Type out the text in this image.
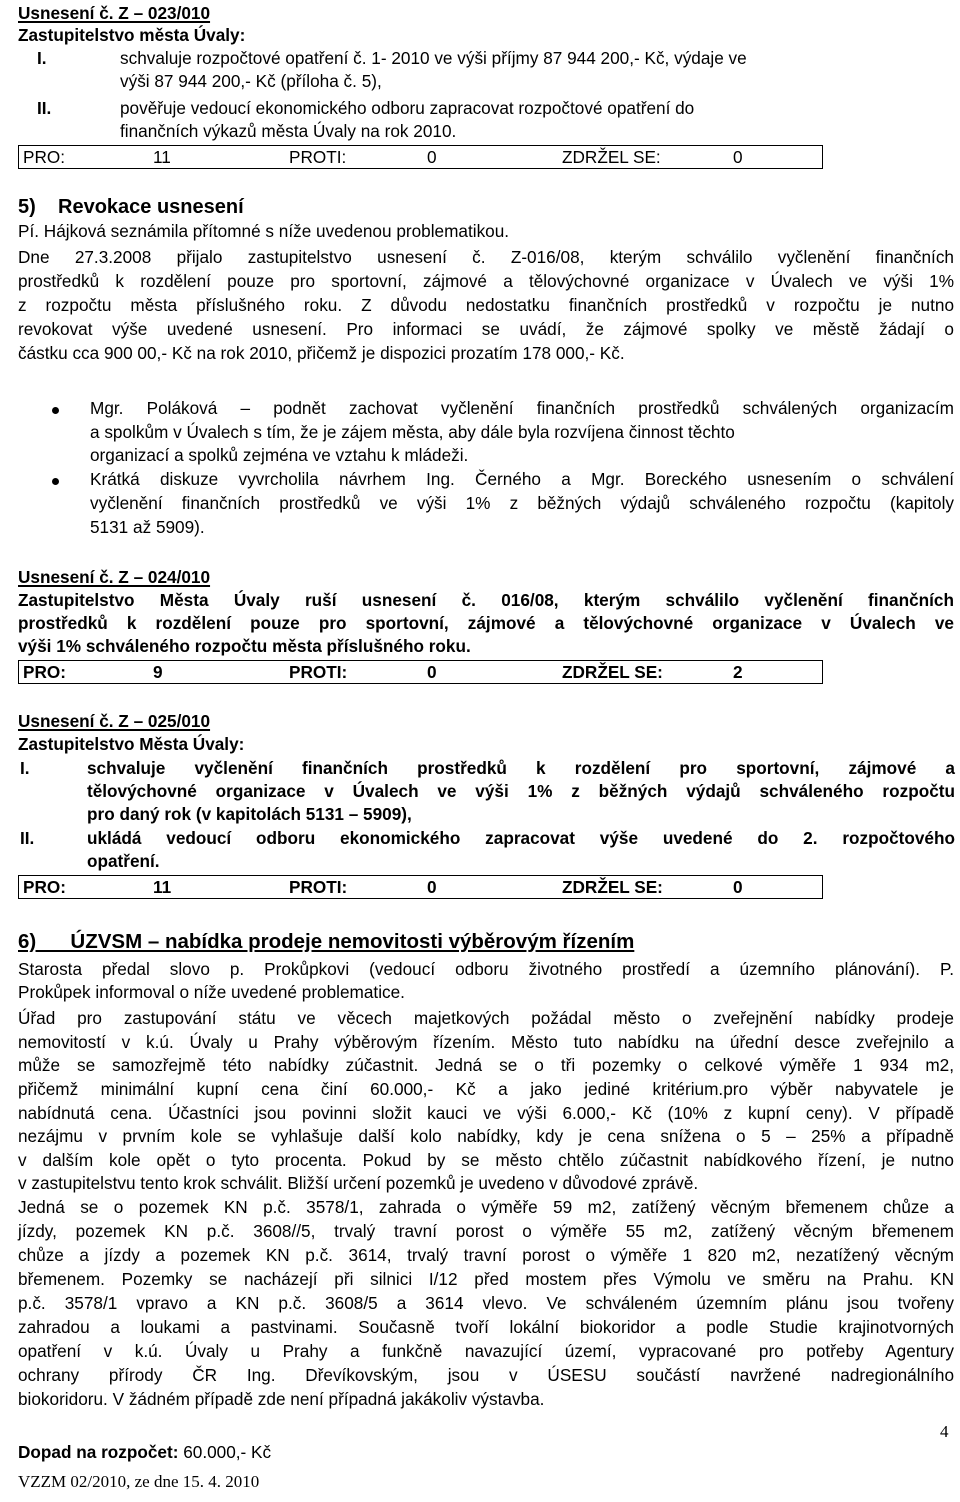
Usnesení č. Z – 023/010
Zastupitelstvo města Úvaly:
I.	schvaluje rozpočtové opatření č. 1- 2010 ve výši příjmy 87 944 200,- Kč, výdaje ve
výši 87 944 200,- Kč (příloha č. 5),
II.	pověřuje vedoucí ekonomického odboru zapracovat rozpočtové opatření do
finančních výkazů města Úvaly na rok 2010.
PRO:	11	PROTI:	0	ZDRŽEL SE:	0
5)    Revokace usnesení
Pí. Hájková seznámila přítomné s níže uvedenou problematikou.
Dne 27.3.2008 přijalo zastupitelstvo usnesení č. Z-016/08, kterým schválilo vyčlenění finančních
prostředků k rozdělení pouze pro sportovní, zájmové a tělovýchovné organizace v Úvalech ve výši 1%
z rozpočtu města příslušného roku. Z důvodu nedostatku finančních prostředků v rozpočtu je nutno
revokovat výše uvedené usnesení. Pro informaci se uvádí, že zájmové spolky ve městě žádají o
částku cca 900 00,- Kč na rok 2010, přičemž je dispozici prozatím 178 000,- Kč.
Mgr. Poláková – podnět zachovat vyčlenění finančních prostředků schválených organizacím
a spolkům v Úvalech s tím, že je zájem města, aby dále byla rozvíjena činnost těchto
organizací a spolků zejména ve vztahu k mládeži.
Krátká diskuze vyvrcholila návrhem Ing. Černého a Mgr. Boreckého usnesením o schválení
vyčlenění finančních prostředků ve výši 1% z běžných výdajů schváleného rozpočtu (kapitoly
5131 až 5909).
Usnesení č. Z – 024/010
Zastupitelstvo Města Úvaly ruší usnesení č. 016/08, kterým schválilo vyčlenění finančních
prostředků k rozdělení pouze pro sportovní, zájmové a tělovýchovné organizace v Úvalech ve
výši 1% schváleného rozpočtu města příslušného roku.
PRO:	9	PROTI:	0	ZDRŽEL SE:	2
Usnesení č. Z – 025/010
Zastupitelstvo Města Úvaly:
I.	schvaluje vyčlenění finančních prostředků k rozdělení pro sportovní, zájmové a
tělovýchovné organizace v Úvalech ve výši 1% z běžných výdajů schváleného rozpočtu
pro daný rok (v kapitolách 5131 – 5909),
II.	ukládá vedoucí odboru ekonomického zapracovat výše uvedené do 2. rozpočtového
opatření.
PRO:	11	PROTI:	0	ZDRŽEL SE:	0
6)      ÚZVSM – nabídka prodeje nemovitosti výběrovým řízením
Starosta předal slovo p. Prokůpkovi (vedoucí odboru životného prostředí a územního plánování). P.
Prokůpek informoval o níže uvedené problematice.
Úřad pro zastupování státu ve věcech majetkových požádal město o zveřejnění nabídky prodeje
nemovitostí v k.ú. Úvaly u Prahy výběrovým řízením. Město tuto nabídku na úřední desce zveřejnilo a
může se samozřejmě této nabídky zúčastnit. Jedná se o tři pozemky o celkové výměře 1 934 m2,
přičemž minimální kupní cena činí 60.000,- Kč a jako jediné kritérium.pro výběr nabyvatele je
nabídnutá cena. Účastníci jsou povinni složit kauci ve výši 6.000,- Kč (10% z kupní ceny). V případě
nezájmu v prvním kole se vyhlašuje další kolo nabídky, kdy je cena snížena o 5 – 25% a případně
v dalším kole opět o tyto procenta. Pokud by se město chtělo zúčastnit nabídkového řízení, je nutno
v zastupitelstvu tento krok schválit. Bližší určení pozemků je uvedeno v důvodové zprávě.
Jedná se o pozemek KN p.č. 3578/1, zahrada o výměře 59 m2, zatížený věcným břemenem chůze a
jízdy, pozemek KN p.č. 3608//5, trvalý travní porost o výměře 55 m2, zatížený věcným břemenem
chůze a jízdy a pozemek KN p.č. 3614, trvalý travní porost o výměře 1 820 m2, nezatížený věcným
břemenem. Pozemky se nacházejí při silnici I/12 před mostem přes Výmolu ve směru na Prahu. KN
p.č. 3578/1 vpravo a KN p.č. 3608/5 a 3614 vlevo. Ve schváleném územním plánu jsou tvořeny
zahradou a loukami a pastvinami. Současně tvoří lokální biokoridor a podle Studie krajinotvorných
opatření v k.ú. Úvaly u Prahy a funkčně navazující území, vypracované pro potřeby Agentury
ochrany přírody ČR Ing. Dřevíkovským, jsou v ÚSESU součástí navržené nadregionálního
biokoridoru. V žádném případě zde není případná jakákoliv výstavba.
Dopad na rozpočet: 60.000,- Kč
VZZM 02/2010, ze dne 15. 4. 2010
4
